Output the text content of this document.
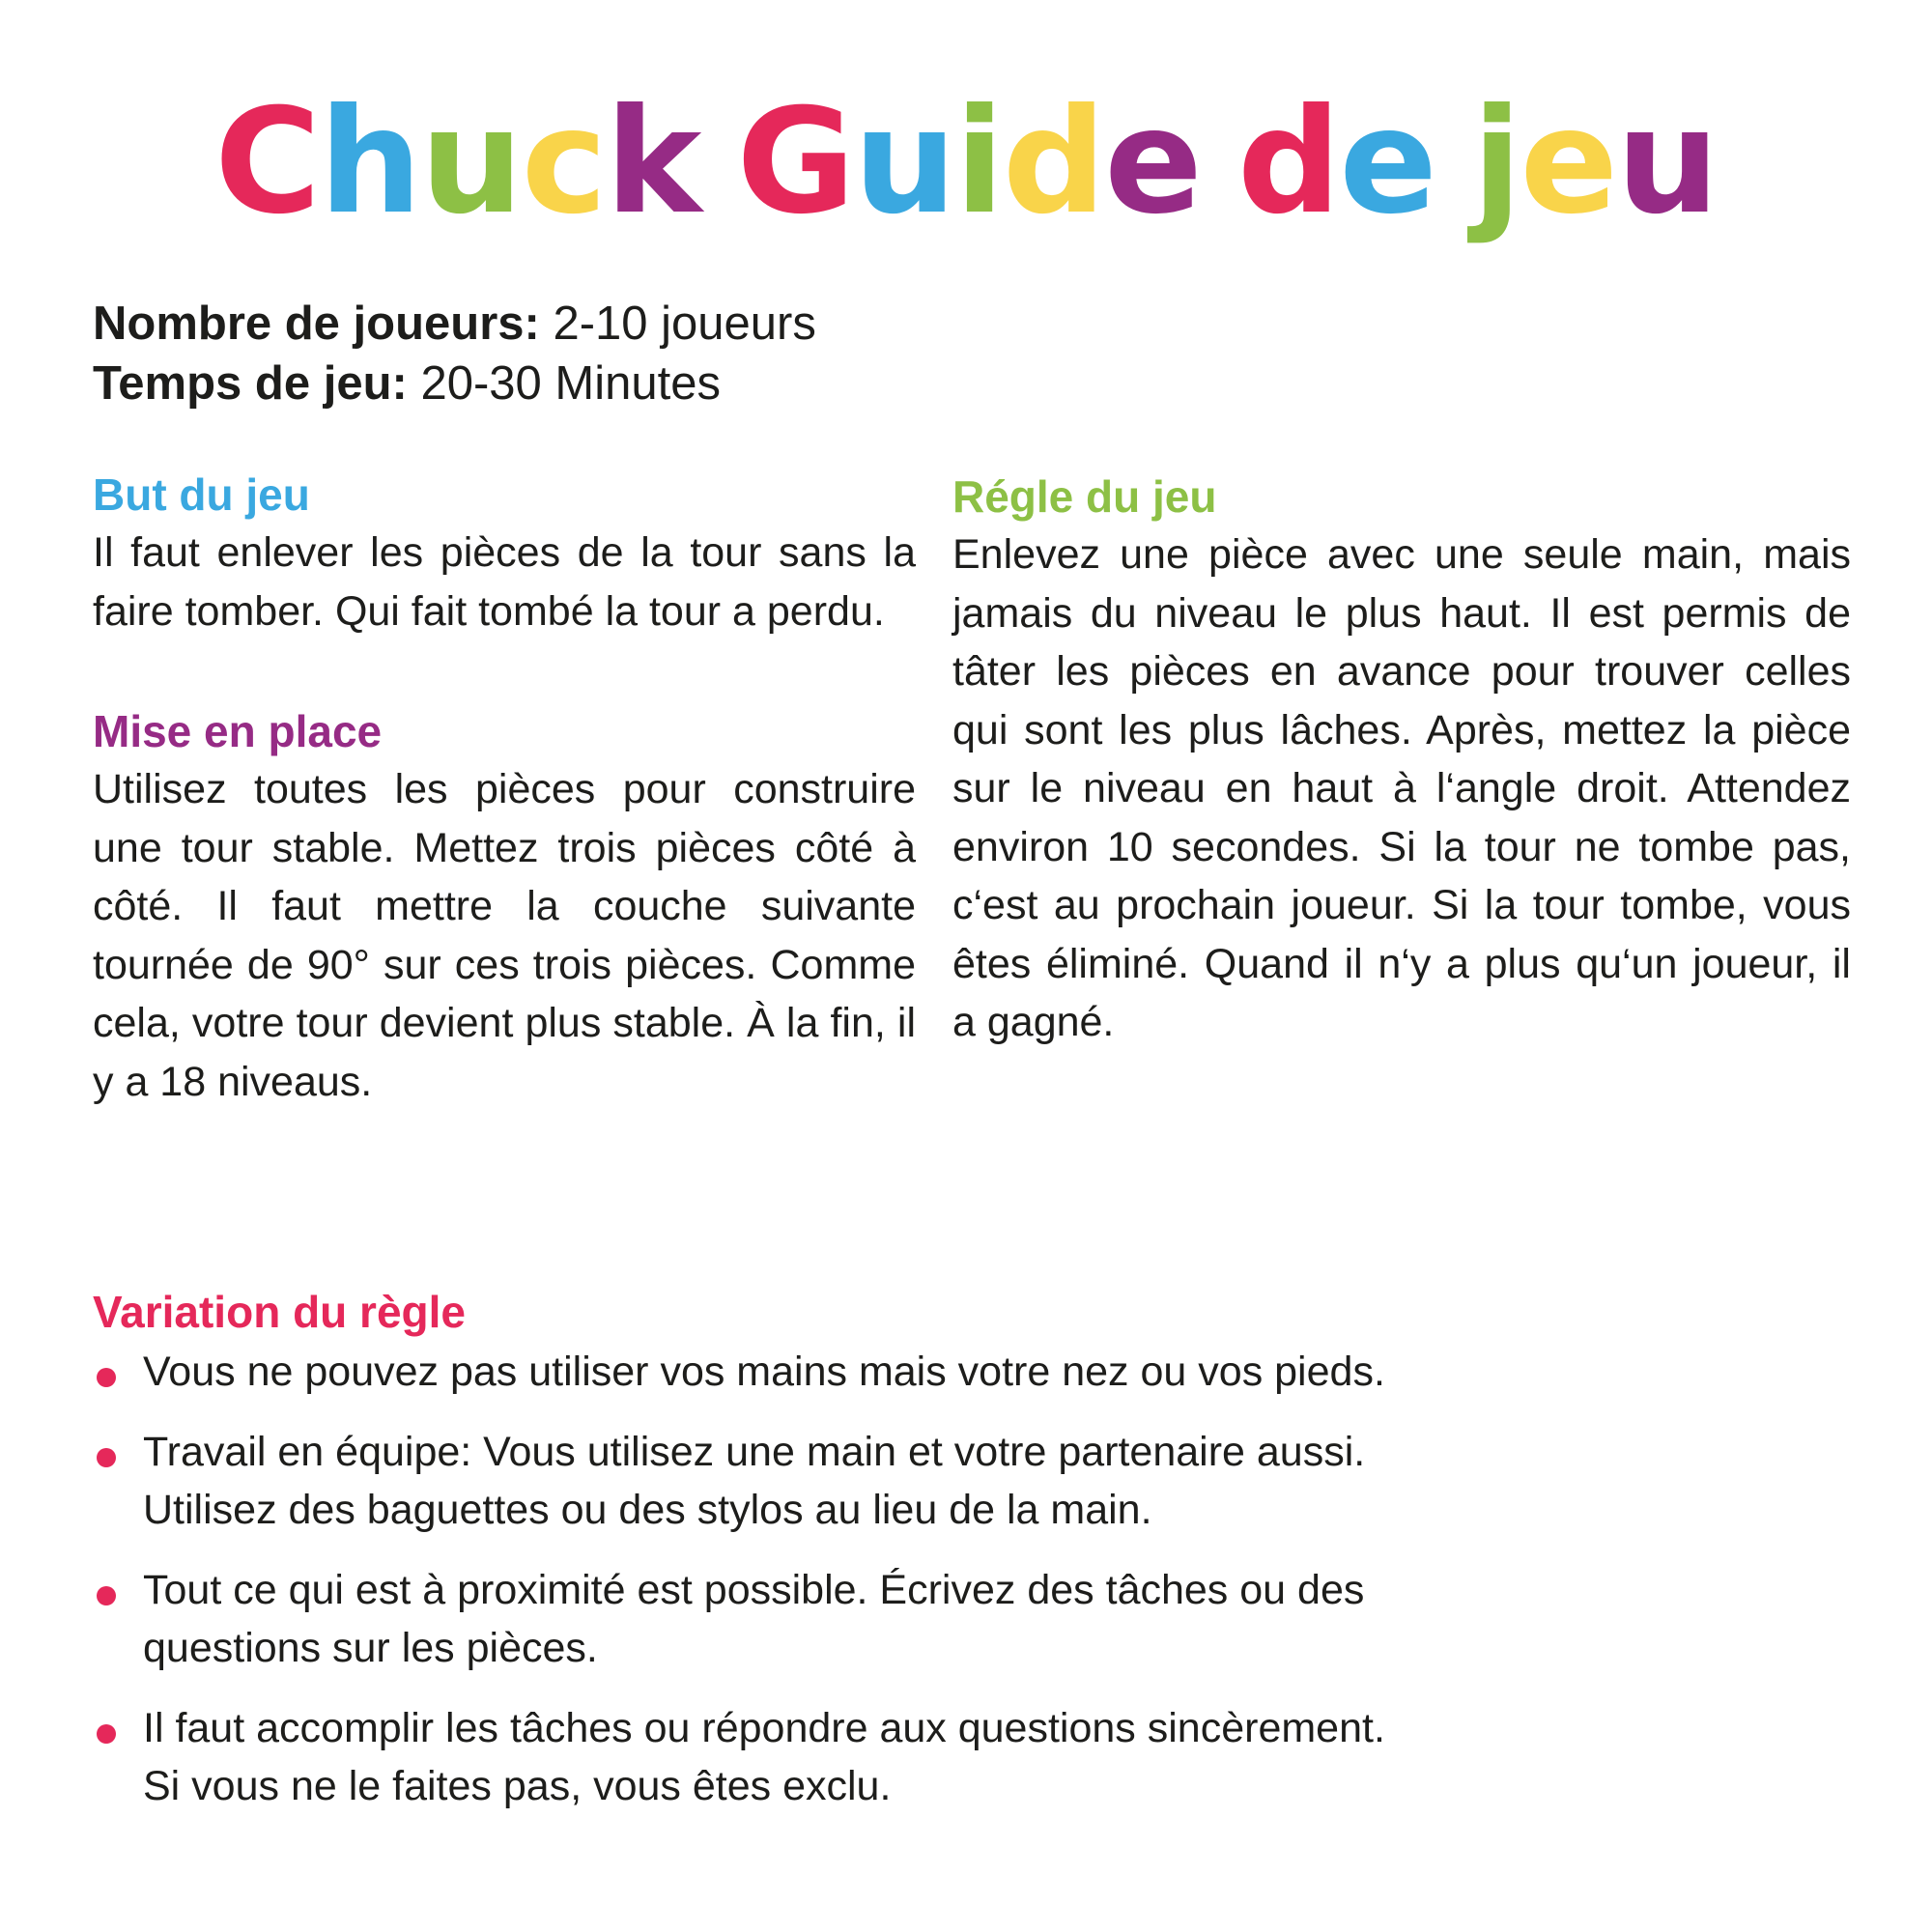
Chuck Guide de jeu
Nombre de joueurs: 2-10 joueurs
Temps de jeu: 20-30 Minutes
But du jeu

Il faut enlever les pièces de la tour sans la faire tomber. Qui fait tombé la tour a perdu.

Mise en place

Utilisez toutes les pièces pour construire une tour stable. Mettez trois pièces côté à côté. Il faut mettre la couche suivante tournée de 90° sur ces trois pièces. Comme cela, votre tour devient plus stable. À la fin, il y a 18 niveaus.

Régle du jeu

Enlevez une pièce avec une seule main, mais jamais du niveau le plus haut. Il est permis de tâter les pièces en avance pour trouver celles qui sont les plus lâches. Après, mettez la pièce sur le niveau en haut à l‘angle droit. Attendez environ 10 secondes. Si la tour ne tombe pas, c‘est au prochain joueur. Si la tour tombe, vous êtes éliminé. Quand il n‘y a plus qu‘un joueur, il a gagné.

Variation du règle
Vous ne pouvez pas utiliser vos mains mais votre nez ou vos pieds.
Travail en équipe: Vous utilisez une main et votre partenaire aussi.
Utilisez des baguettes ou des stylos au lieu de la main.
Tout ce qui est à proximité est possible. Écrivez des tâches ou des
questions sur les pièces.
Il faut accomplir les tâches ou répondre aux questions sincèrement.
Si vous ne le faites pas, vous êtes exclu.
